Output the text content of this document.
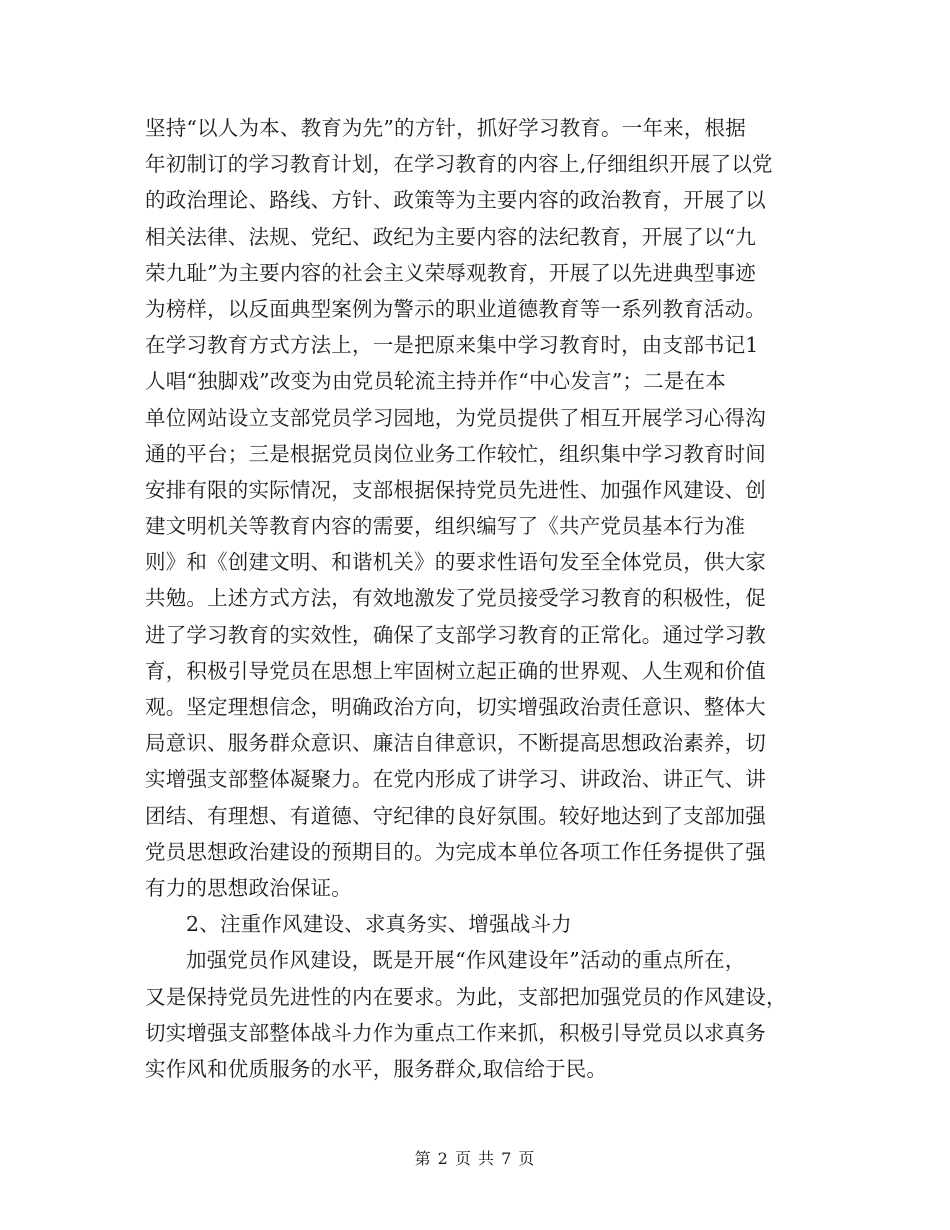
坚持“以人为本、教育为先”的方针，抓好学习教育。一年来，根据
年初制订的学习教育计划，在学习教育的内容上,仔细组织开展了以党
的政治理论、路线、方针、政策等为主要内容的政治教育，开展了以
相关法律、法规、党纪、政纪为主要内容的法纪教育，开展了以“九
荣九耻”为主要内容的社会主义荣辱观教育，开展了以先进典型事迹
为榜样，以反面典型案例为警示的职业道德教育等一系列教育活动。
在学习教育方式方法上，一是把原来集中学习教育时，由支部书记1
人唱“独脚戏”改变为由党员轮流主持并作“中心发言”；二是在本
单位网站设立支部党员学习园地，为党员提供了相互开展学习心得沟
通的平台；三是根据党员岗位业务工作较忙，组织集中学习教育时间
安排有限的实际情况，支部根据保持党员先进性、加强作风建设、创
建文明机关等教育内容的需要，组织编写了《共产党员基本行为准
则》和《创建文明、和谐机关》的要求性语句发至全体党员，供大家
共勉。上述方式方法，有效地激发了党员接受学习教育的积极性，促
进了学习教育的实效性，确保了支部学习教育的正常化。通过学习教
育，积极引导党员在思想上牢固树立起正确的世界观、人生观和价值
观。坚定理想信念，明确政治方向，切实增强政治责任意识、整体大
局意识、服务群众意识、廉洁自律意识，不断提高思想政治素养，切
实增强支部整体凝聚力。在党内形成了讲学习、讲政治、讲正气、讲
团结、有理想、有道德、守纪律的良好氛围。较好地达到了支部加强
党员思想政治建设的预期目的。为完成本单位各项工作任务提供了强
有力的思想政治保证。
2、注重作风建设、求真务实、增强战斗力
加强党员作风建设，既是开展“作风建设年”活动的重点所在，
又是保持党员先进性的内在要求。为此，支部把加强党员的作风建设，
切实增强支部整体战斗力作为重点工作来抓，积极引导党员以求真务
实作风和优质服务的水平，服务群众,取信给于民。
第 2 页 共 7 页
